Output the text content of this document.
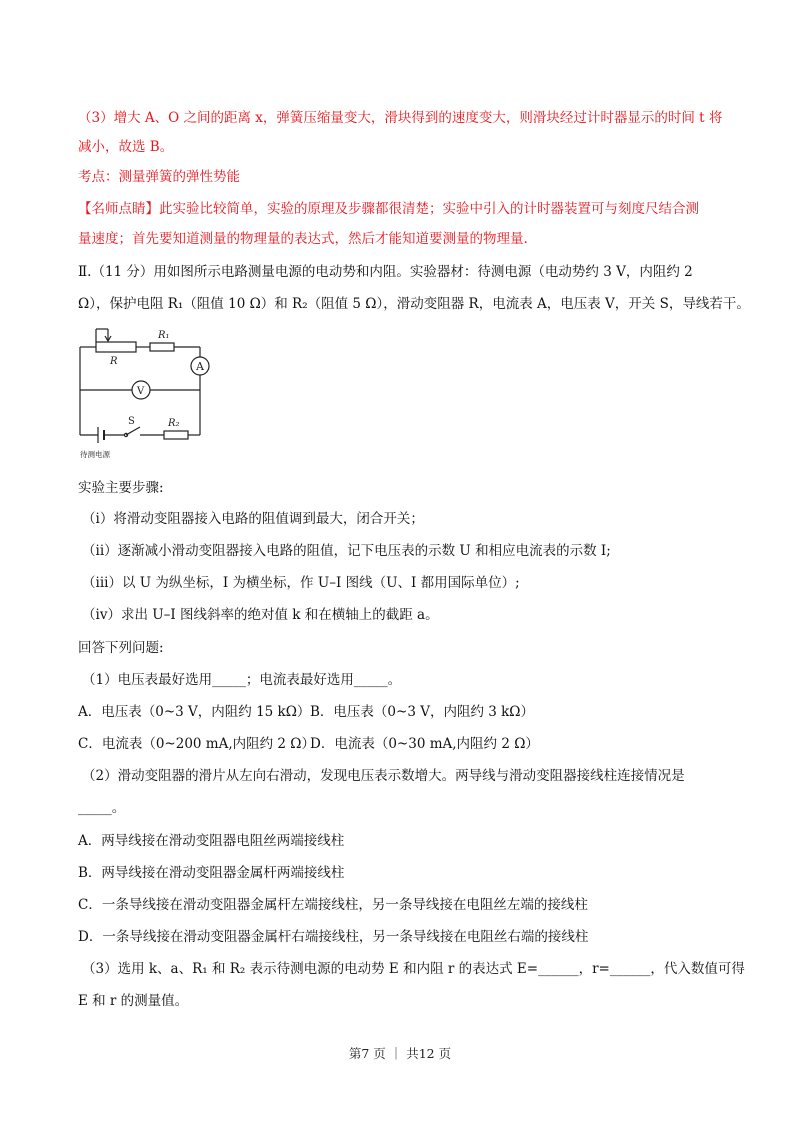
（3）增大 A、O 之间的距离 x，弹簧压缩量变大，滑块得到的速度变大，则滑块经过计时器显示的时间 t 将
减小，故选 B。
考点：测量弹簧的弹性势能
【名师点睛】此实验比较简单，实验的原理及步骤都很清楚；实验中引入的计时器装置可与刻度尺结合测
量速度；首先要知道测量的物理量的表达式，然后才能知道要测量的物理量.
Ⅱ.（11 分）用如图所示电路测量电源的电动势和内阻。实验器材：待测电源（电动势约 3 V，内阻约 2
Ω），保护电阻 R₁（阻值 10 Ω）和 R₂（阻值 5 Ω），滑动变阻器 R，电流表 A，电压表 V，开关 S，导线若干。
R₁
R	A
V
S	R₂
待测电源
实验主要步骤:
（i）将滑动变阻器接入电路的阻值调到最大，闭合开关；
（ii）逐渐减小滑动变阻器接入电路的阻值，记下电压表的示数 U 和相应电流表的示数 I;
（iii）以 U 为纵坐标，I 为横坐标，作 U–I 图线（U、I 都用国际单位）;
（iv）求出 U–I 图线斜率的绝对值 k 和在横轴上的截距 a。
回答下列问题:
（1）电压表最好选用_____；电流表最好选用_____。
A．电压表（0~3 V，内阻约 15 kΩ） B．电压表（0~3 V，内阻约 3 kΩ）
C．电流表（0~200 mA,内阻约 2 Ω）
D．电流表（0~30 mA,内阻约 2 Ω）
（2）滑动变阻器的滑片从左向右滑动，发现电压表示数增大。两导线与滑动变阻器接线柱连接情况是
_____。
A．两导线接在滑动变阻器电阻丝两端接线柱
B．两导线接在滑动变阻器金属杆两端接线柱
C．一条导线接在滑动变阻器金属杆左端接线柱，另一条导线接在电阻丝左端的接线柱
D．一条导线接在滑动变阻器金属杆右端接线柱，另一条导线接在电阻丝右端的接线柱
（3）选用 k、a、R₁ 和 R₂ 表示待测电源的电动势 E 和内阻 r 的表达式 E=______，r=______，代入数值可得
E 和 r 的测量值。
第7 页 ｜ 共12 页
